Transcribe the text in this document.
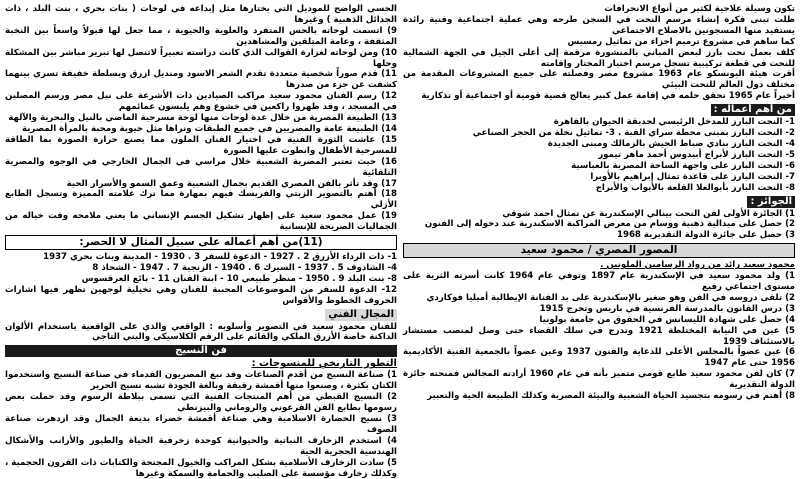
تكون وسيلة علاجية لكثير من أنواع الانحرافات

ظلت تبنى فكرة إنشاء مرسم النحت في السجن طرحه وهي عملية اجتماعية وفنية رائدة يستفيد منها المسجونين بالاصلاح الاجتماعي

كما ساهم في مشروع ترميم اجزاء من تماثيل رمسيس

كلف بعمل نحت بارز لبعض المباني بالمنشورة مرقمة إلى أعلى الجيل في الجهة الشمالية للنحت في قطعة تركيبية تسجل مرسم اختيار المختار وإقامته

أقرت هيئة اليونسكو عام 1963 مشروع مصر وفصلته على جميع المشروعات المقدمة من مختلف دول العالم للنحت البيئي

أخيراً عام 1965 تحقق حلمه في إقامة عمل كبير يعالج قضية قومية أو اجتماعية أو تذكارية

من أهم أعماله :

1- النحت البارز للمدخل الرئيسي لحديقة الحيوان بالقاهرة

2- النحت البارز بمبنى محطة سراي القبة . 3- تماثيل نخلة من الحجر الصناعي

4- النحت البارز بنادي ضباط الجيش بالزمالك ومبنى الجديدة

5- النحت البارز لأبراج أبيدوس أحمد ماهر تيمور

6- النحت البارز على واجهة الساحة المصرية بالعباسية

7- النحت البارز على قاعدة تمثال إبراهيم بالأوبرا

8- النحت البارز بأبوالعلا القلعة بالأبواب والأبراج

الجوائز :

1) الجائزة الأولى لفن النحت بينالي الإسكندرية عن تمثال احمد شوقي

2) حصل على ميدالية ذهبية ووسام من معرض المراكبة الاسكندرية عند دخوله إلى الفنون

3) حصل على جائزة الدولة التقديرية 1968

المصور المصري / محمود سعيد

محمود سعيد رائد من رواد الرسامين الملونين .

1) ولد محمود سعيد في الإسكندرية عام 1897 وتوفي عام 1964 كانت أسرته الثرية على مستوى اجتماعي رفيع

2) تلقى دروسه في الفن وهو صغير بالإسكندرية على يد الفنانة الإيطالية أميليا فوكاردي

3) درس القانون بالمدرسة الفرنسية في باريس وتخرج 1915

4) حصل على شهادة الليسانس في الحقوق من جامعة بولونيا

5) عين في النيابة المختلطة 1921 وتدرج في سلك القضاء حتى وصل لمنصب مستشار بالاستئناف 1939

6) عين عضواً بالمجلس الأعلى للدعاية والفنون 1937 وعين عضواً بالجمعية الفنية الأكاديمية 1956 حتى عام 1947

7) كان لفن محمود سعيد طابع قومي متميز بأنه في عام 1960 أرادته المجالس فمنحته جائزة الدولة التقديرية

8) أهتم في رسومه بتجسيد الحياة الشعبية والبيئة المصرية وكذلك الطبيعة الحية والتعبير

الحسي الواضح للموديل التي يختارها مثل إبداعه في لوحات ( بنات بحري ، بنت البلد ، ذات الجدائل الذهبية ) وغيرها

9) اتسمت لوحاته بالحس المتفرد والعلوية والحيوية ، مما جعل لها قبولاً واسعاً بين النخبة المثقفة ، وعامة المتلقين والمشاهدين

10) ومن لوحاته لغزارة القوالب الذي كانت دراسته تعبيراً لاتنصل لها تبرير مباشر بين المشكلة وحلها

11) قدم صوراً شخصية متعددة تقدم الشعر الاسود ومنديل ازرق وبسلطة خفيفة تسري بينهما كشفت عن جزء من صدرها

12) رسم الفنان محمود سعيد مراكب الصيادين ذات الأشرعة على نيل مصر ورسم المصلين في المسجد ، وقد ظهروا راكعين في خشوع وهم يلبسون عمائمهم

13) الطبيعة المصرية من خلال عدة لوحات منها لوحة مسرحية الماضي بالنيل والبحرية والآلهة

14) الطبيعة عامة والمصريين في جميع الطبقات ونراها مثل حيوية ومحبة بالمرأة المصرية

15) عاشت الثورة الفنية في اختيار الفنان الملون مما يصنع حرارة الصورة بما الطاقة للمسرحية الأطفال وانطوت عليها الصورة

16) حيث تعتبر المصرية الشعبية خلال مراسي في الجمال الخارجي في الوجوه والمصرية التلقائية

17) وقد تأثر بالفن المصري القديم بجمال الشعبية وعمق السمو والأسرار الحية

18) أهتم بالتصوير الزيتي والفريسك فيهم بمهارة مما ترك علامته المميزة وتسجل الطابع الأزلي

19) عمل محمود سعيد على إظهار تشكيل الجسم الإنساني ما يعني ملامحه وقت خياله من الجماليات الصريحة للإنسانية

(11)من أهم أعماله على سبيل المثال لا الحصر:

1- ذات الرداء الأزرق 2 . 1927 - الدعوة للسفر 3 . 1930 - المدينة وبنات بحري 1937

4- الشادوف 5 . 1937 - السيرك 6 . 1940 - الزنجية 7 . 1947 - الشحاذ 8

8- بنت البلد 9 . 1950 - منظر طبيعي 10 - ابنة الفنان 11 - بائع العرقسوس

12- الدعوة للسفر من الموضوعات المحببة للفنان وهي تخيلية لوجهين تظهر فيها اشارات الحروف الخطوط والأقواس

المجال الفني

للفنان محمود سعيد في التصوير وأسلوبه : الواقعي والذي على الواقعية باستخدام الألوان الداكنة خاصة الأزرق الملكي والقائم على الرقم الكلاسيكي والبني التاجي

فن النسيج

التطور التاريخي للمنسوجات :

1) صناعة النسيج من أقدم الصناعات وقد نبغ المصريون القدماء في صناعة النسيج واستخدموا الكتان بكثرة ، وصنعوا منها أقمشة رقيقة وبالغة الجودة تشبه نسيج الحرير

2) النسيج القبطي من أهم المنتجات الفنية التي تسمى ببلاطة الرسوم وقد حملت بعض رسومها بطابع الفن الفرعوني والروماني والبيزنطي

3) نسيج الحضارة الاسلامية وهي صناعة أقمشة خضراء بديعة الجمال وقد ازدهرت صناعة الصوف

4) استخدم الزخارف النباتية والحيوانية كوحدة زخرفية الحياة والطيور والأرانب والأشكال الهندسية الحجرية الحية

5) سادت الزخارف الأسلامية بشكل المراكب والخيول المجنحة والكتابات ذات القرون الحجمية ، وكذلك زخارف مؤسسة على الصليب والحمامة والسمكة وغيرها
